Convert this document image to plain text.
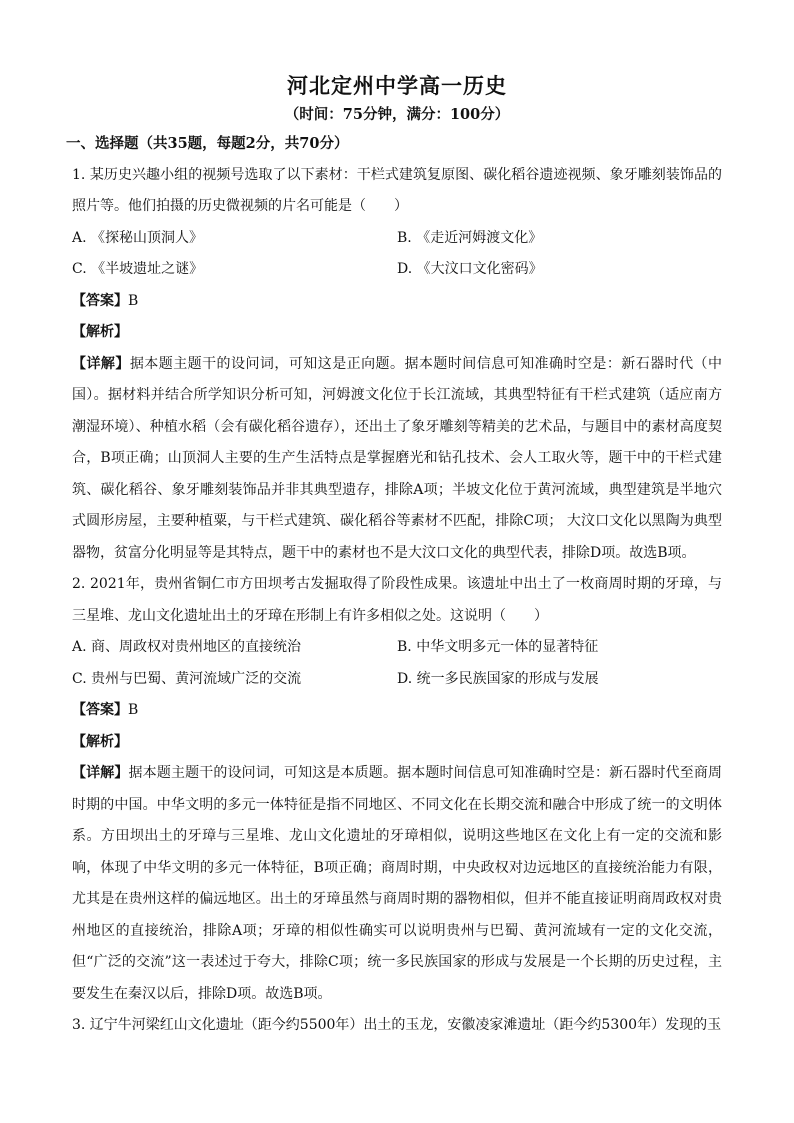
河北定州中学高一历史
（时间：75分钟，满分：100分）
一、选择题（共35题，每题2分，共70分）
1. 某历史兴趣小组的视频号选取了以下素材：干栏式建筑复原图、碳化稻谷遗迹视频、象牙雕刻装饰品的照片等。他们拍摄的历史微视频的片名可能是（　　）
A. 《探秘山顶洞人》	B. 《走近河姆渡文化》
C. 《半坡遗址之谜》	D. 《大汶口文化密码》
【答案】B
【解析】
【详解】据本题主题干的设问词，可知这是正向题。据本题时间信息可知准确时空是：新石器时代（中国）。据材料并结合所学知识分析可知，河姆渡文化位于长江流域，其典型特征有干栏式建筑（适应南方潮湿环境）、种植水稻（会有碳化稻谷遗存），还出土了象牙雕刻等精美的艺术品，与题目中的素材高度契合，B项正确；山顶洞人主要的生产生活特点是掌握磨光和钻孔技术、会人工取火等，题干中的干栏式建筑、碳化稻谷、象牙雕刻装饰品并非其典型遗存，排除A项；半坡文化位于黄河流域，典型建筑是半地穴式圆形房屋，主要种植粟，与干栏式建筑、碳化稻谷等素材不匹配，排除C项； 大汶口文化以黑陶为典型器物，贫富分化明显等是其特点，题干中的素材也不是大汶口文化的典型代表，排除D项。故选B项。
2. 2021年，贵州省铜仁市方田坝考古发掘取得了阶段性成果。该遗址中出土了一枚商周时期的牙璋，与三星堆、龙山文化遗址出土的牙璋在形制上有许多相似之处。这说明（　　）
A. 商、周政权对贵州地区的直接统治	B. 中华文明多元一体的显著特征
C. 贵州与巴蜀、黄河流域广泛的交流	D. 统一多民族国家的形成与发展
【答案】B
【解析】
【详解】据本题主题干的设问词，可知这是本质题。据本题时间信息可知准确时空是：新石器时代至商周时期的中国。中华文明的多元一体特征是指不同地区、不同文化在长期交流和融合中形成了统一的文明体系。方田坝出土的牙璋与三星堆、龙山文化遗址的牙璋相似，说明这些地区在文化上有一定的交流和影响，体现了中华文明的多元一体特征，B项正确；商周时期，中央政权对边远地区的直接统治能力有限，尤其是在贵州这样的偏远地区。出土的牙璋虽然与商周时期的器物相似，但并不能直接证明商周政权对贵州地区的直接统治，排除A项；牙璋的相似性确实可以说明贵州与巴蜀、黄河流域有一定的文化交流，但“广泛的交流”这一表述过于夸大，排除C项；统一多民族国家的形成与发展是一个长期的历史过程，主要发生在秦汉以后，排除D项。故选B项。
3. 辽宁牛河梁红山文化遗址（距今约5500年）出土的玉龙，安徽凌家滩遗址（距今约5300年）发现的玉
